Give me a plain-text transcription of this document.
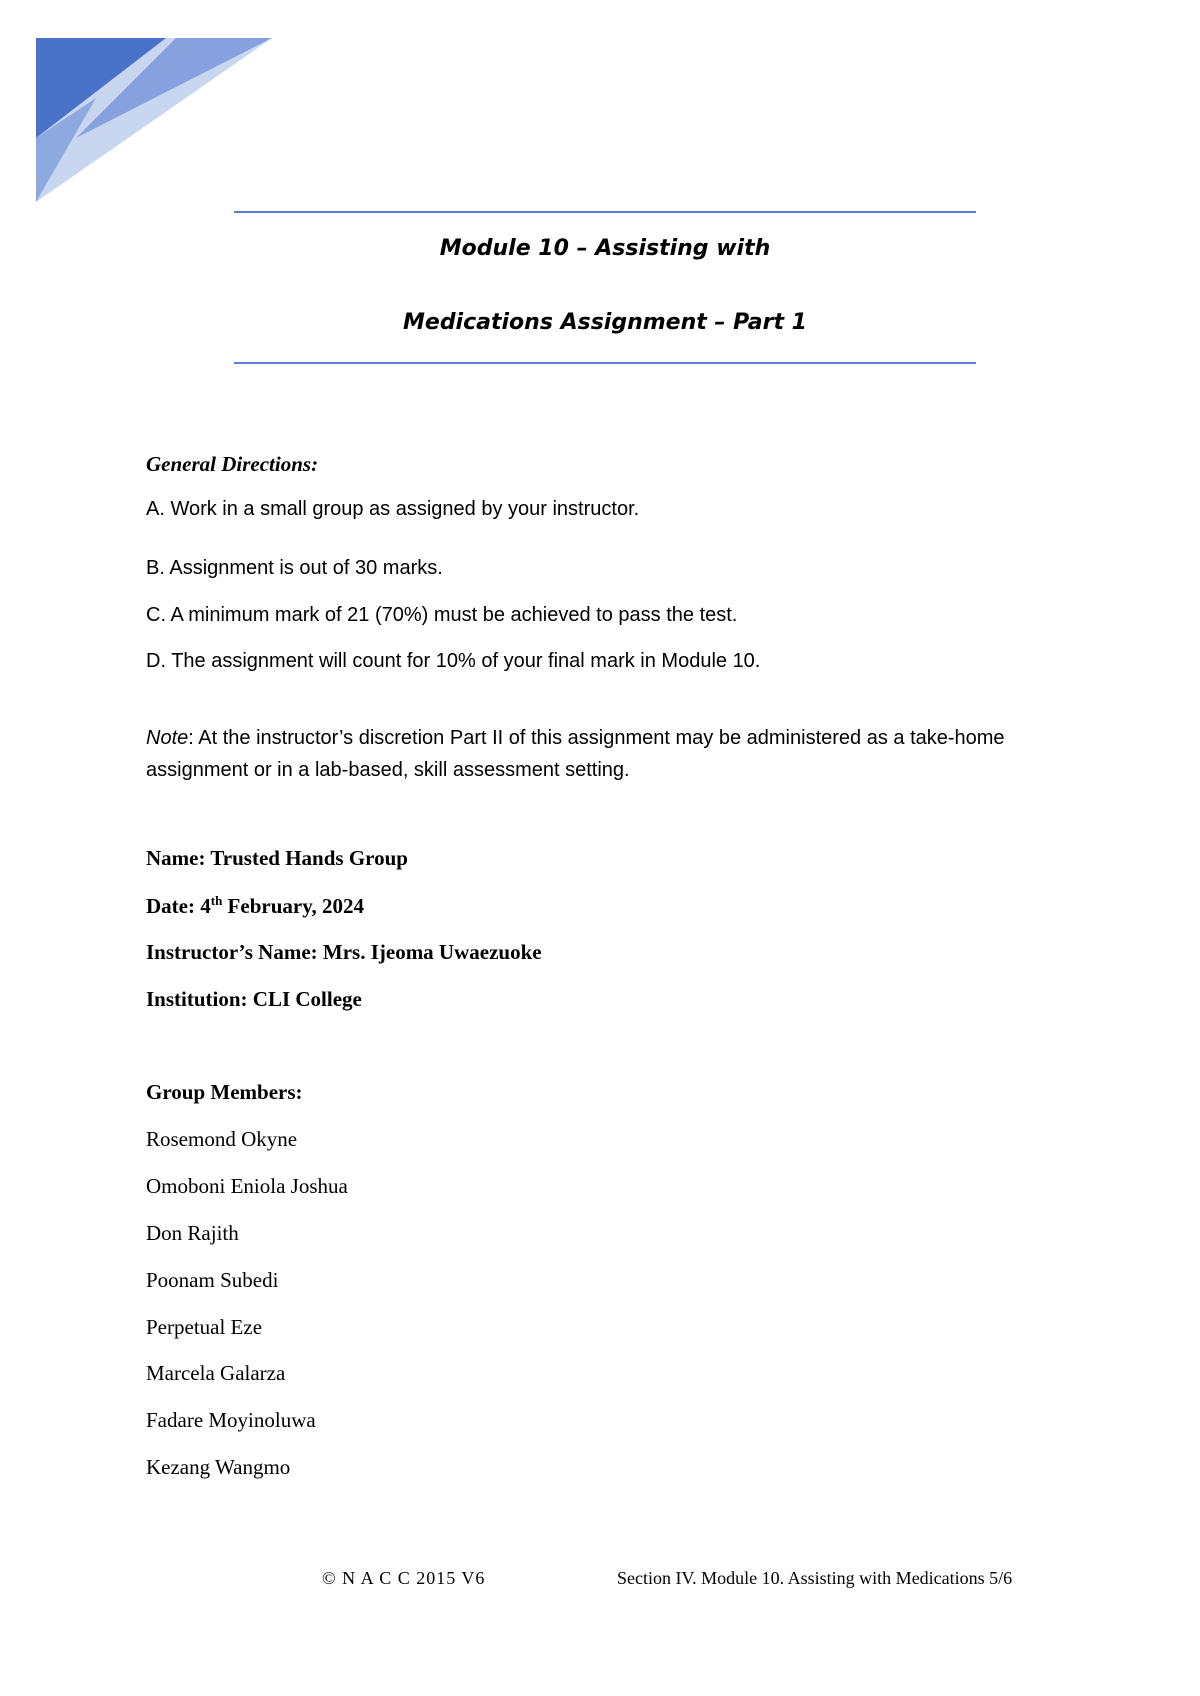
Module 10 – Assisting with
Medications Assignment – Part 1
General Directions:
A. Work in a small group as assigned by your instructor.
B. Assignment is out of 30 marks.
C. A minimum mark of 21 (70%) must be achieved to pass the test.
D. The assignment will count for 10% of your final mark in Module 10.
Note: At the instructor’s discretion Part II of this assignment may be administered as a take-home assignment or in a lab-based, skill assessment setting.
Name: Trusted Hands Group
Date: 4th February, 2024
Instructor’s Name: Mrs. Ijeoma Uwaezuoke
Institution: CLI College
Group Members:
Rosemond Okyne
Omoboni Eniola Joshua
Don Rajith
Poonam Subedi
Perpetual Eze
Marcela Galarza
Fadare Moyinoluwa
Kezang Wangmo
© N A C C 2015 V6	Section IV. Module 10. Assisting with Medications 5/6
